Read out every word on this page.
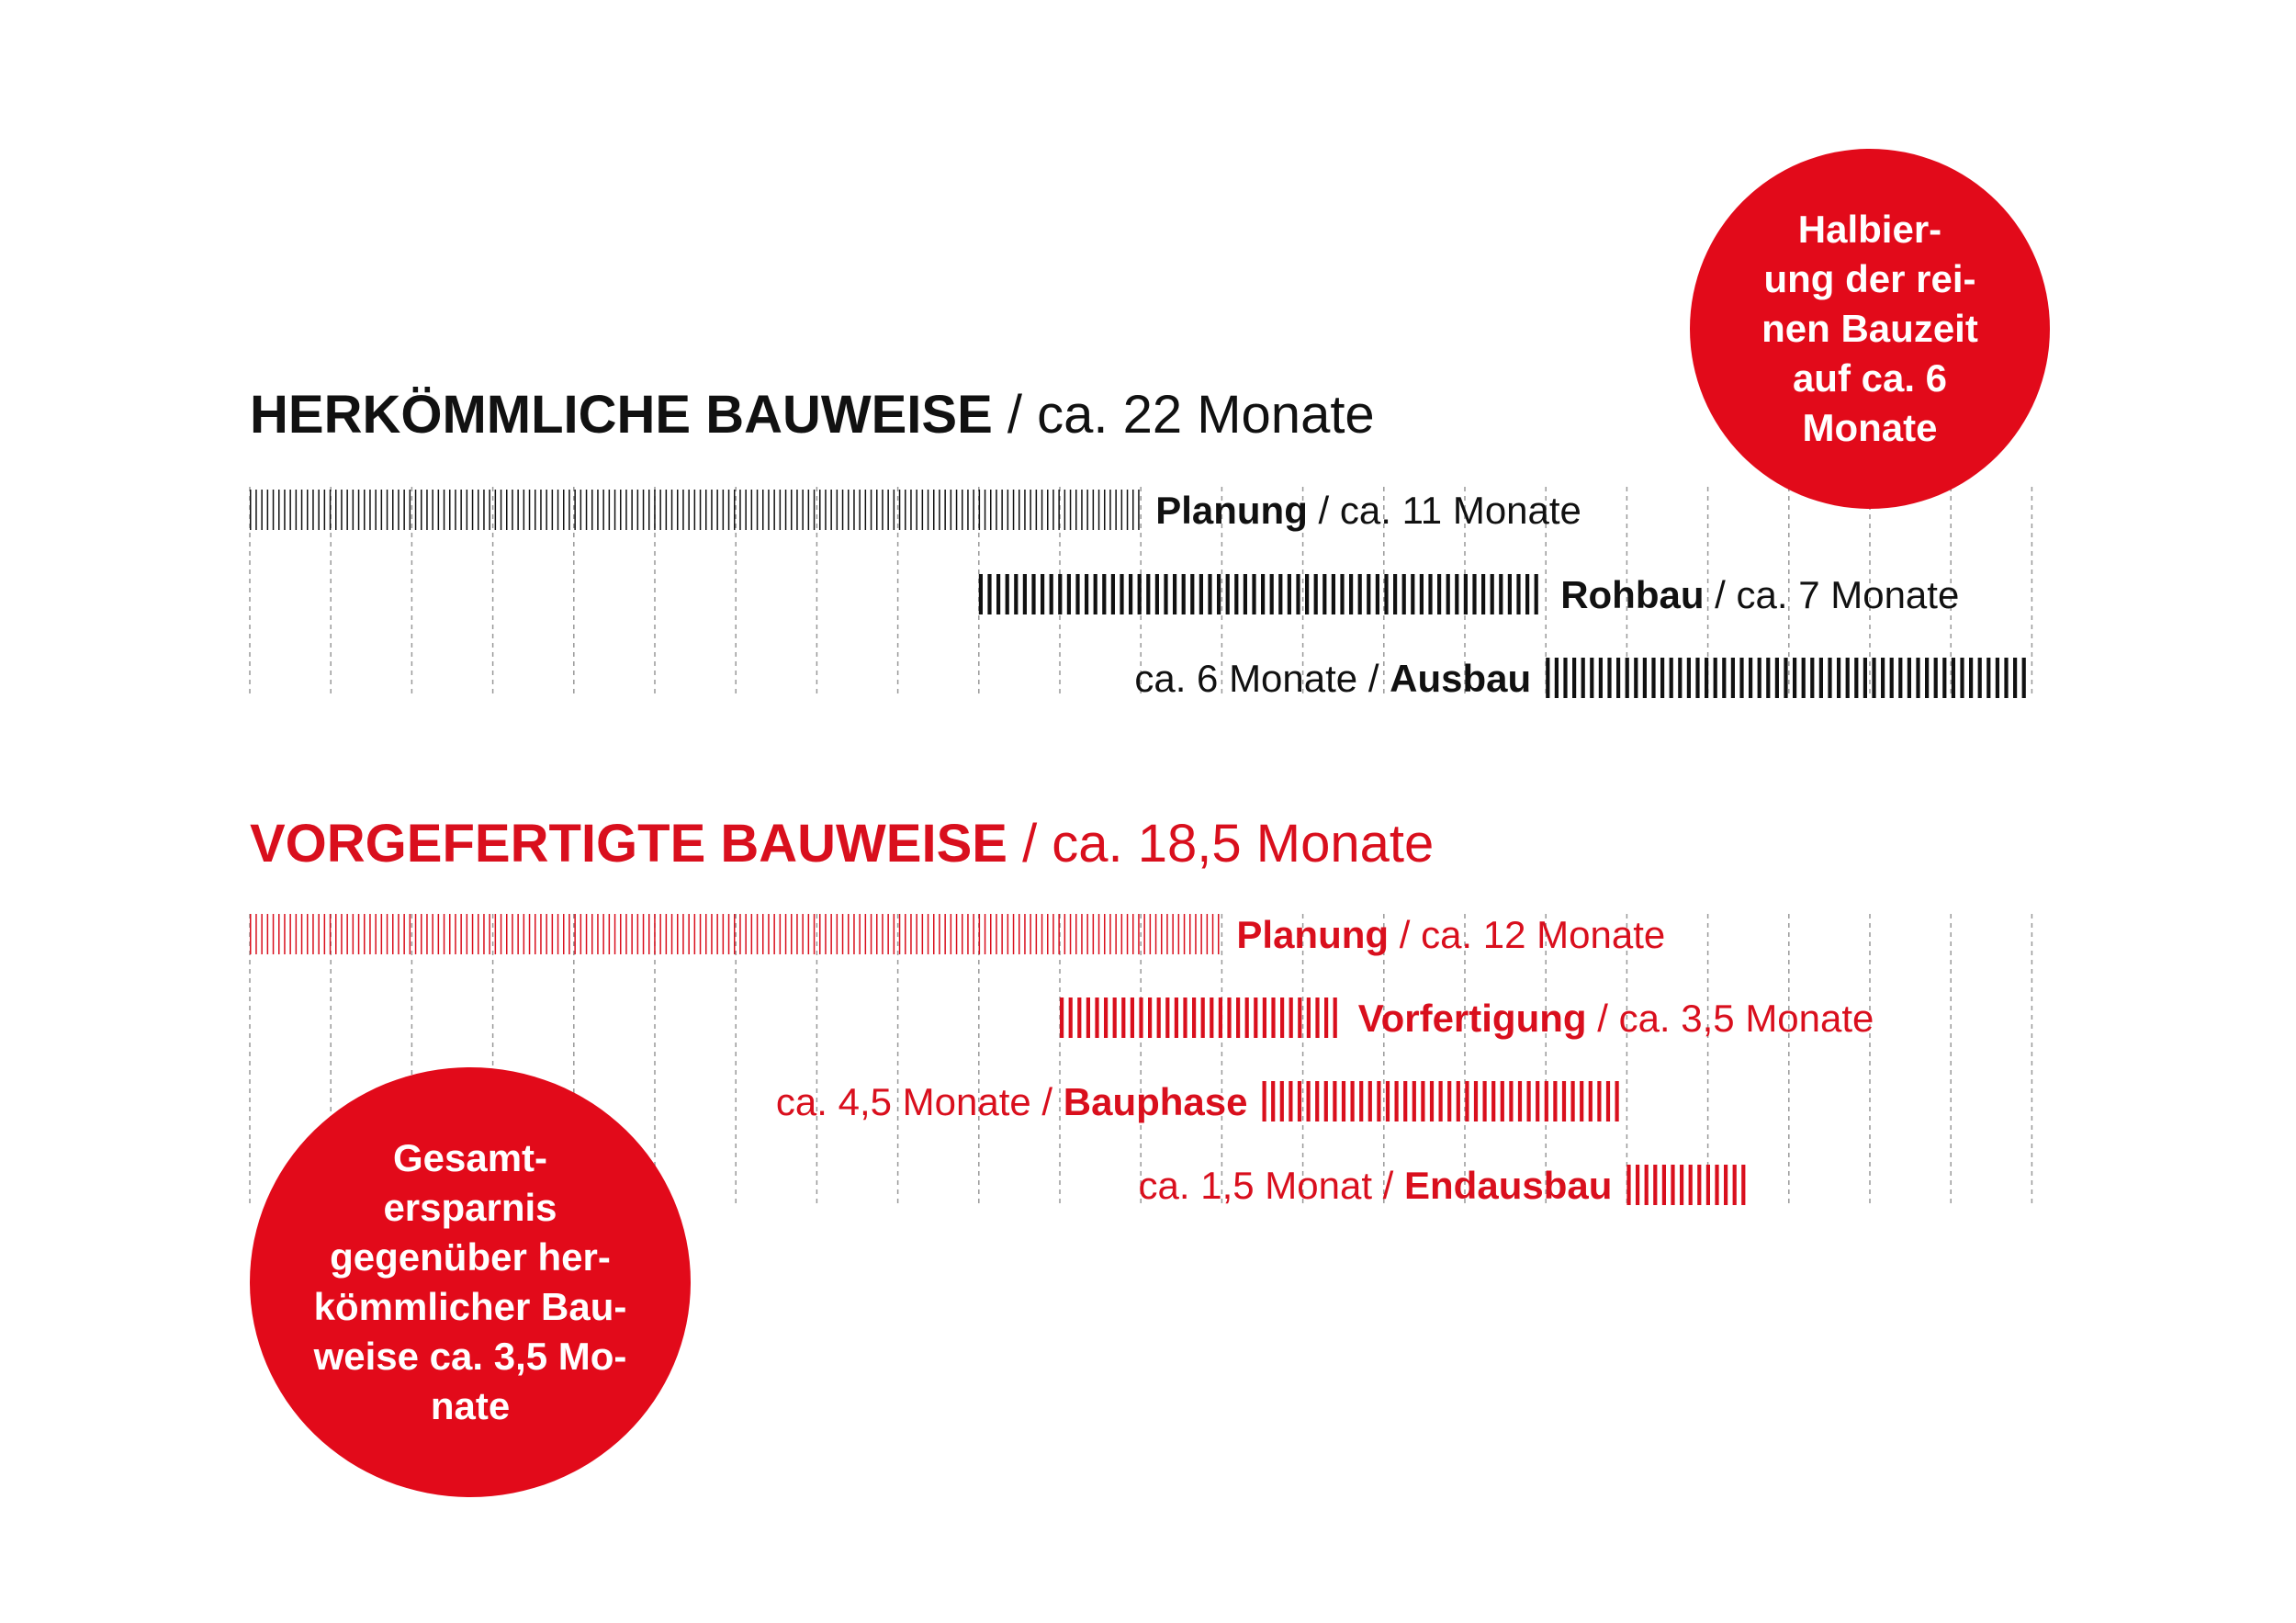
HERKÖMMLICHE BAUWEISE / ca. 22 Monate
VORGEFERTIGTE BAUWEISE / ca. 18,5 Monate
Planung / ca. 11 Monate
Rohbau / ca. 7 Monate
ca. 6 Monate / Ausbau
Planung / ca. 12 Monate
Vorfertigung / ca. 3,5 Monate
ca. 4,5 Monate / Bauphase
ca. 1,5 Monat / Endausbau
Halbier-
ung der rei-
nen Bauzeit
auf ca. 6
Monate
Gesamt-
ersparnis
gegenüber her-
kömmlicher Bau-
weise ca. 3,5 Mo-
nate
